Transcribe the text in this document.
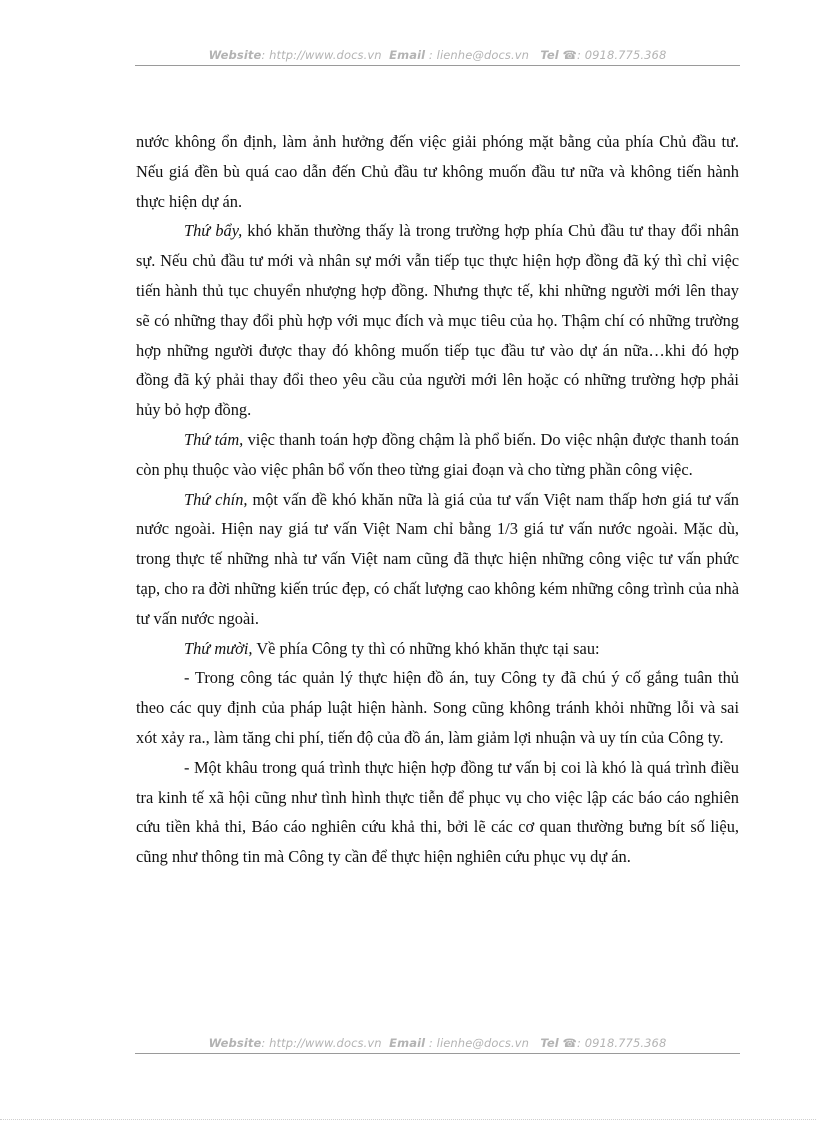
Website: http://www.docs.vn Email : lienhe@docs.vn Tel ☎: 0918.775.368

nước không ổn định, làm ảnh hưởng đến việc giải phóng mặt bằng của phía Chủ đầu tư. Nếu giá đền bù quá cao dẫn đến Chủ đầu tư không muốn đầu tư nữa và không tiến hành thực hiện dự án.

Thứ bẩy, khó khăn thường thấy là trong trường hợp phía Chủ đầu tư thay đổi nhân sự. Nếu chủ đầu tư mới và nhân sự mới vẫn tiếp tục thực hiện hợp đồng đã ký thì chỉ việc tiến hành thủ tục chuyển nhượng hợp đồng. Nhưng thực tế, khi những người mới lên thay sẽ có những thay đổi phù hợp với mục đích và mục tiêu của họ. Thậm chí có những trường hợp những người được thay đó không muốn tiếp tục đầu tư vào dự án nữa…khi đó hợp đồng đã ký phải thay đổi theo yêu cầu của người mới lên hoặc có những trường hợp phải hủy bỏ hợp đồng.

Thứ tám, việc thanh toán hợp đồng chậm là phổ biến. Do việc nhận được thanh toán còn phụ thuộc vào việc phân bổ vốn theo từng giai đoạn và cho từng phần công việc.

Thứ chín, một vấn đề khó khăn nữa là giá của tư vấn Việt nam thấp hơn giá tư vấn nước ngoài. Hiện nay giá tư vấn Việt Nam chỉ bằng 1/3 giá tư vấn nước ngoài. Mặc dù, trong thực tế những nhà tư vấn Việt nam cũng đã thực hiện những công việc tư vấn phức tạp, cho ra đời những kiến trúc đẹp, có chất lượng cao không kém những công trình của nhà tư vấn nước ngoài.

Thứ mười, Về phía Công ty thì có những khó khăn thực tại sau:

- Trong công tác quản lý thực hiện đồ án, tuy Công ty đã chú ý cố gắng tuân thủ theo các quy định của pháp luật hiện hành. Song cũng không tránh khỏi những lỗi và sai xót xảy ra., làm tăng chi phí, tiến độ của đồ án, làm giảm lợi nhuận và uy tín của Công ty.

- Một khâu trong quá trình thực hiện hợp đồng tư vấn bị coi là khó là quá trình điều tra kinh tế xã hội cũng như tình hình thực tiễn để phục vụ cho việc lập các báo cáo nghiên cứu tiền khả thi, Báo cáo nghiên cứu khả thi, bởi lẽ các cơ quan thường bưng bít số liệu, cũng như thông tin mà Công ty cần để thực hiện nghiên cứu phục vụ dự án.

Website: http://www.docs.vn Email : lienhe@docs.vn Tel ☎: 0918.775.368
